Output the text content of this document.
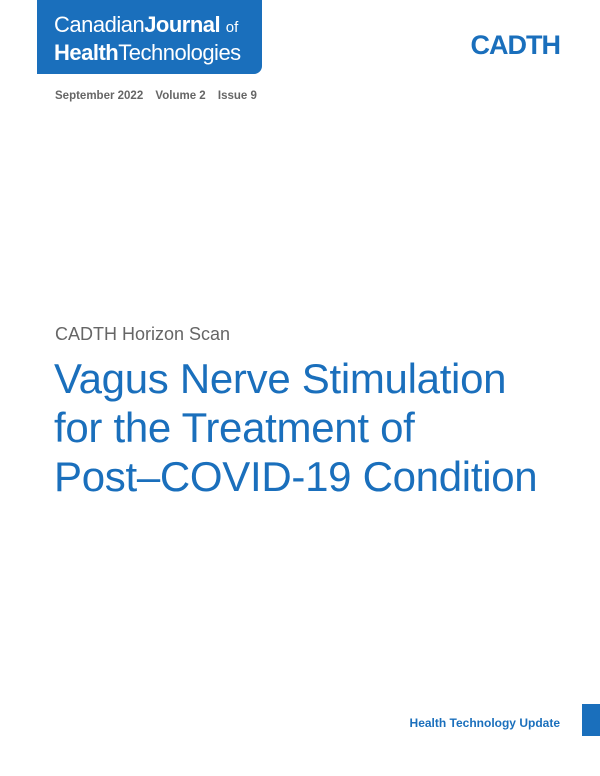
CanadianJournal of
HealthTechnologies	CADTH
September 2022 Volume 2 Issue 9
CADTH Horizon Scan
Vagus Nerve Stimulation
for the Treatment of
Post–COVID-19 Condition
Health Technology Update
